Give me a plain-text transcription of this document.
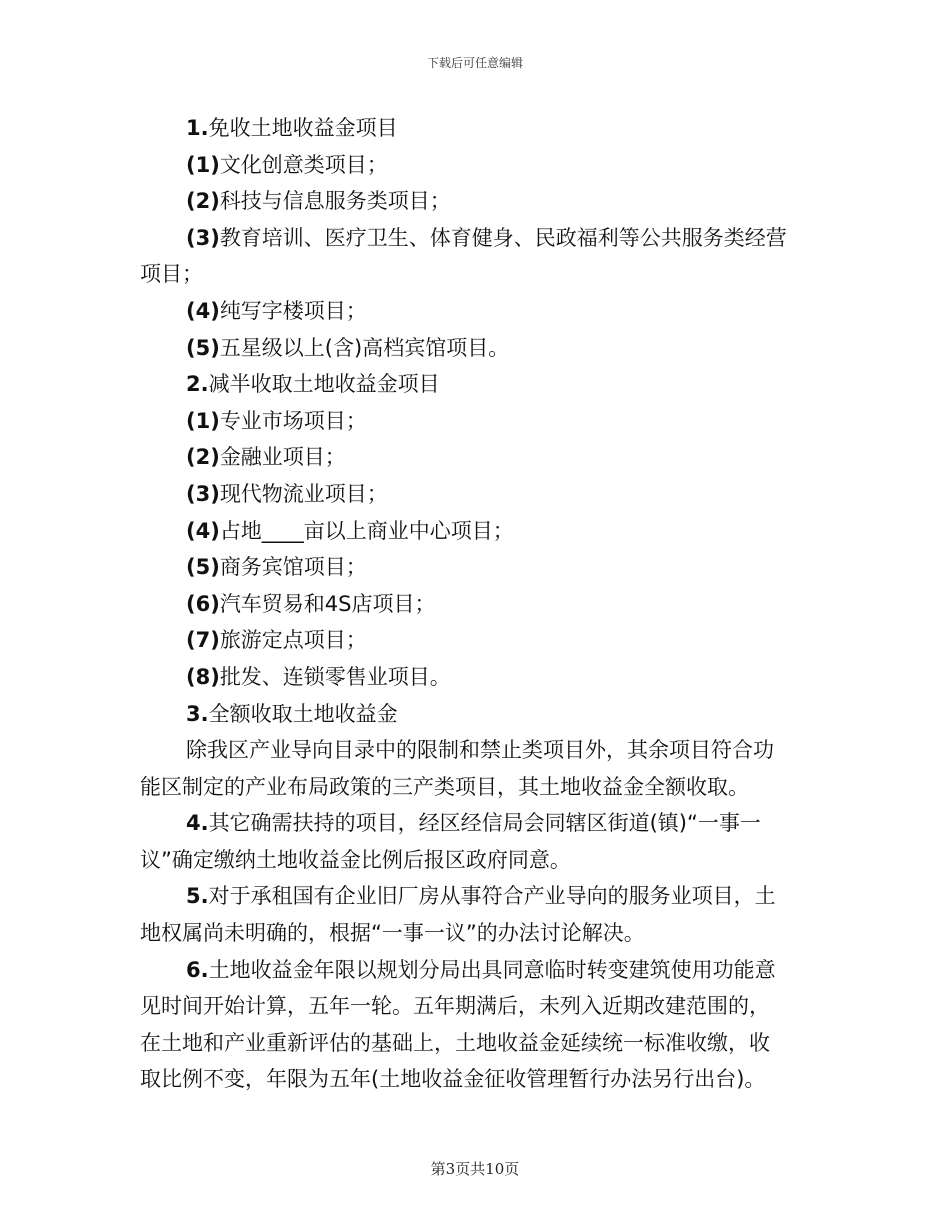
下载后可任意编辑
1.免收土地收益金项目
(1)文化创意类项目；
(2)科技与信息服务类项目；
(3)教育培训、医疗卫生、体育健身、民政福利等公共服务类经营
项目；
(4)纯写字楼项目；
(5)五星级以上(含)高档宾馆项目。
2.减半收取土地收益金项目
(1)专业市场项目；
(2)金融业项目；
(3)现代物流业项目；
(4)占地____亩以上商业中心项目；
(5)商务宾馆项目；
(6)汽车贸易和4S店项目；
(7)旅游定点项目；
(8)批发、连锁零售业项目。
3.全额收取土地收益金
除我区产业导向目录中的限制和禁止类项目外，其余项目符合功
能区制定的产业布局政策的三产类项目，其土地收益金全额收取。
4.其它确需扶持的项目，经区经信局会同辖区街道(镇)“一事一
议”确定缴纳土地收益金比例后报区政府同意。
5.对于承租国有企业旧厂房从事符合产业导向的服务业项目，土
地权属尚未明确的，根据“一事一议”的办法讨论解决。
6.土地收益金年限以规划分局出具同意临时转变建筑使用功能意
见时间开始计算，五年一轮。五年期满后，未列入近期改建范围的，
在土地和产业重新评估的基础上，土地收益金延续统一标准收缴，收
取比例不变，年限为五年(土地收益金征收管理暂行办法另行出台)。
第3页共10页
